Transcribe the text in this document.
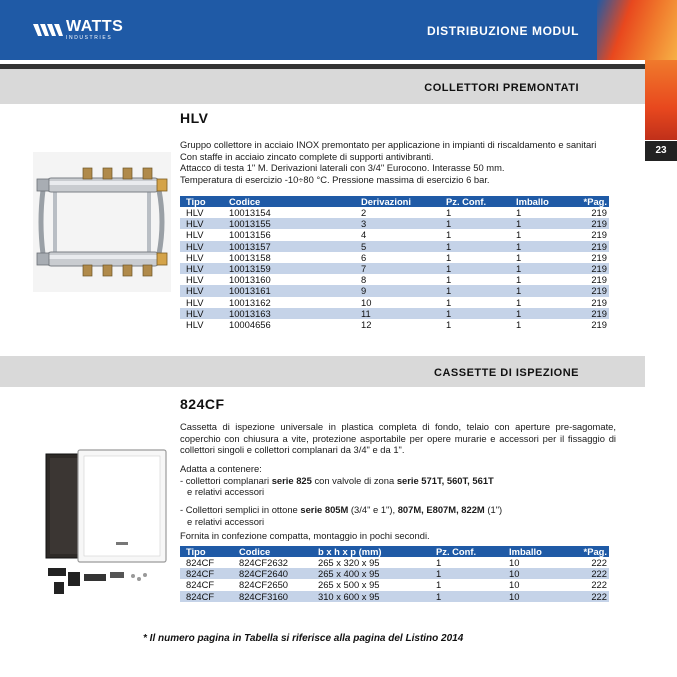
WATTS
INDUSTRIES	DISTRIBUZIONE MODUL
23
COLLETTORI PREMONTATI
HLV

Gruppo collettore in acciaio INOX premontato per applicazione in impianti di riscaldamento e sanitari

Con staffe in acciaio zincato complete di supporti antivibranti.

Attacco di testa 1" M. Derivazioni laterali con 3/4" Eurocono. Interasse 50 mm.

Temperatura di esercizio -10÷80 °C. Pressione massima di esercizio 6 bar.

Tipo	Codice	Derivazioni	Pz. Conf.	Imballo	*Pag.
HLV	10013154	2	1	1	219
HLV	10013155	3	1	1	219
HLV	10013156	4	1	1	219
HLV	10013157	5	1	1	219
HLV	10013158	6	1	1	219
HLV	10013159	7	1	1	219
HLV	10013160	8	1	1	219
HLV	10013161	9	1	1	219
HLV	10013162	10	1	1	219
HLV	10013163	11	1	1	219
HLV	10004656	12	1	1	219
CASSETTE DI ISPEZIONE
824CF
Cassetta di ispezione universale in plastica completa di fondo, telaio con aperture pre-sagomate, coperchio con chiusura a vite, protezione asportabile per opere murarie e accessori per il fissaggio di collettori singoli e collettori complanari da 3/4" e da 1".

Adatta a contenere:

- collettori complanari serie 825 con valvole di zona serie 571T, 560T, 561T

e relativi accessori

- Collettori semplici in ottone serie 805M (3/4" e 1"), 807M, E807M, 822M (1")

e relativi accessori

Fornita in confezione compatta, montaggio in pochi secondi.
Tipo	Codice	b x h x p (mm)	Pz. Conf.	Imballo	*Pag.
824CF	824CF2632	265 x 320 x 95	1	10	222
824CF	824CF2640	265 x 400 x 95	1	10	222
824CF	824CF2650	265 x 500 x 95	1	10	222
824CF	824CF3160	310 x 600 x 95	1	10	222
* Il numero pagina in Tabella si riferisce alla pagina del Listino 2014
